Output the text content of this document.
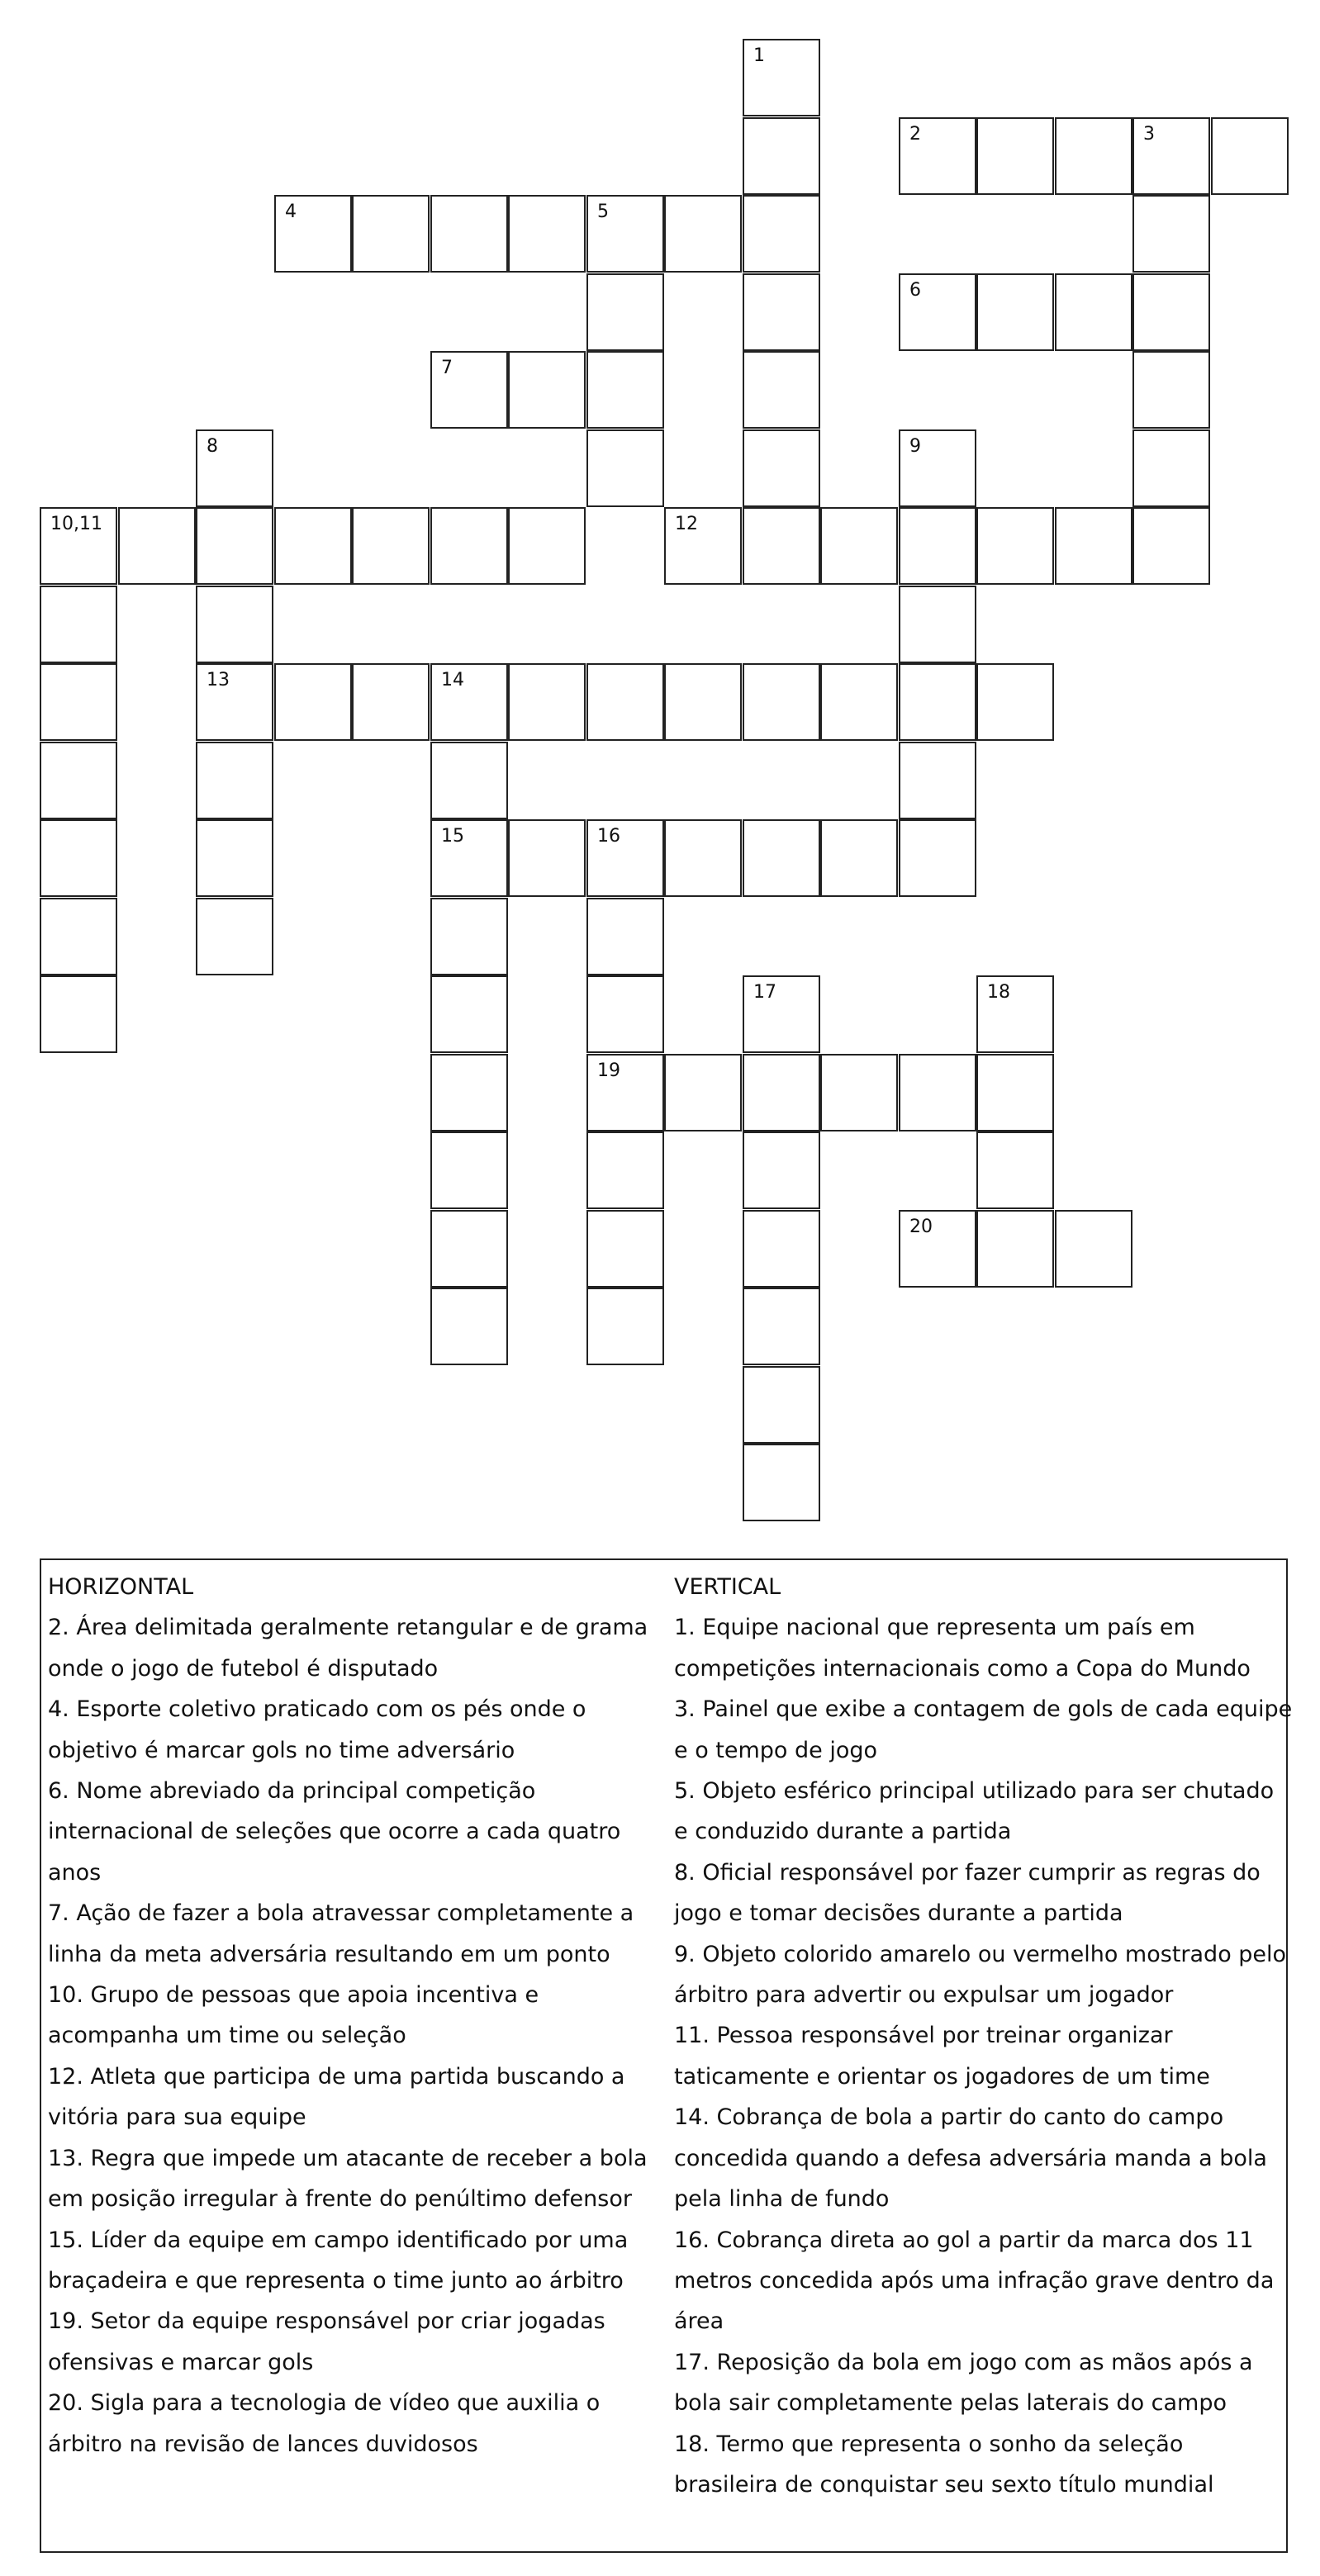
1
2	3
4	5
6
7
8	9
10,11	12
13	14
15	16
19
17	18
20
HORIZONTAL
2. Área delimitada geralmente retangular e de grama
onde o jogo de futebol é disputado
4. Esporte coletivo praticado com os pés onde o
objetivo é marcar gols no time adversário
6. Nome abreviado da principal competição
internacional de seleções que ocorre a cada quatro
anos
7. Ação de fazer a bola atravessar completamente a
linha da meta adversária resultando em um ponto
10. Grupo de pessoas que apoia incentiva e
acompanha um time ou seleção
12. Atleta que participa de uma partida buscando a
vitória para sua equipe
13. Regra que impede um atacante de receber a bola
em posição irregular à frente do penúltimo defensor
15. Líder da equipe em campo identificado por uma
braçadeira e que representa o time junto ao árbitro
19. Setor da equipe responsável por criar jogadas
ofensivas e marcar gols
20. Sigla para a tecnologia de vídeo que auxilia o
árbitro na revisão de lances duvidosos
VERTICAL
1. Equipe nacional que representa um país em
competições internacionais como a Copa do Mundo
3. Painel que exibe a contagem de gols de cada equipe
e o tempo de jogo
5. Objeto esférico principal utilizado para ser chutado
e conduzido durante a partida
8. Oficial responsável por fazer cumprir as regras do
jogo e tomar decisões durante a partida
9. Objeto colorido amarelo ou vermelho mostrado pelo
árbitro para advertir ou expulsar um jogador
11. Pessoa responsável por treinar organizar
taticamente e orientar os jogadores de um time
14. Cobrança de bola a partir do canto do campo
concedida quando a defesa adversária manda a bola
pela linha de fundo
16. Cobrança direta ao gol a partir da marca dos 11
metros concedida após uma infração grave dentro da
área
17. Reposição da bola em jogo com as mãos após a
bola sair completamente pelas laterais do campo
18. Termo que representa o sonho da seleção
brasileira de conquistar seu sexto título mundial
